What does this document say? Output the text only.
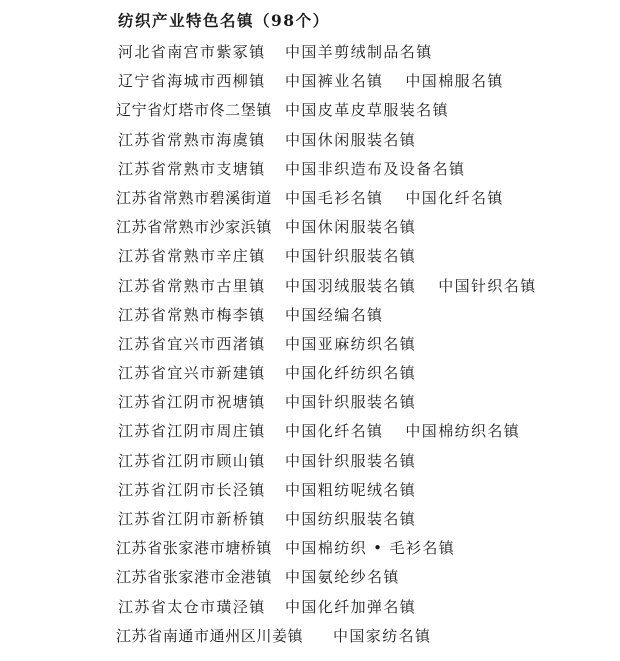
纺织产业特色名镇（98个）
河北省南宫市紫冢镇 中国羊剪绒制品名镇
辽宁省海城市西柳镇 中国裤业名镇 中国棉服名镇
辽宁省灯塔市佟二堡镇 中国皮革皮草服装名镇
江苏省常熟市海虞镇 中国休闲服装名镇
江苏省常熟市支塘镇 中国非织造布及设备名镇
江苏省常熟市碧溪街道 中国毛衫名镇 中国化纤名镇
江苏省常熟市沙家浜镇 中国休闲服装名镇
江苏省常熟市辛庄镇 中国针织服装名镇
江苏省常熟市古里镇 中国羽绒服装名镇 中国针织名镇
江苏省常熟市梅李镇 中国经编名镇
江苏省宜兴市西渚镇 中国亚麻纺织名镇
江苏省宜兴市新建镇 中国化纤纺织名镇
江苏省江阴市祝塘镇 中国针织服装名镇
江苏省江阴市周庄镇 中国化纤名镇 中国棉纺织名镇
江苏省江阴市顾山镇 中国针织服装名镇
江苏省江阴市长泾镇 中国粗纺呢绒名镇
江苏省江阴市新桥镇 中国纺织服装名镇
江苏省张家港市塘桥镇 中国棉纺织 • 毛衫名镇
江苏省张家港市金港镇 中国氨纶纱名镇
江苏省太仓市璜泾镇 中国化纤加弹名镇
江苏省南通市通州区川姜镇 中国家纺名镇
